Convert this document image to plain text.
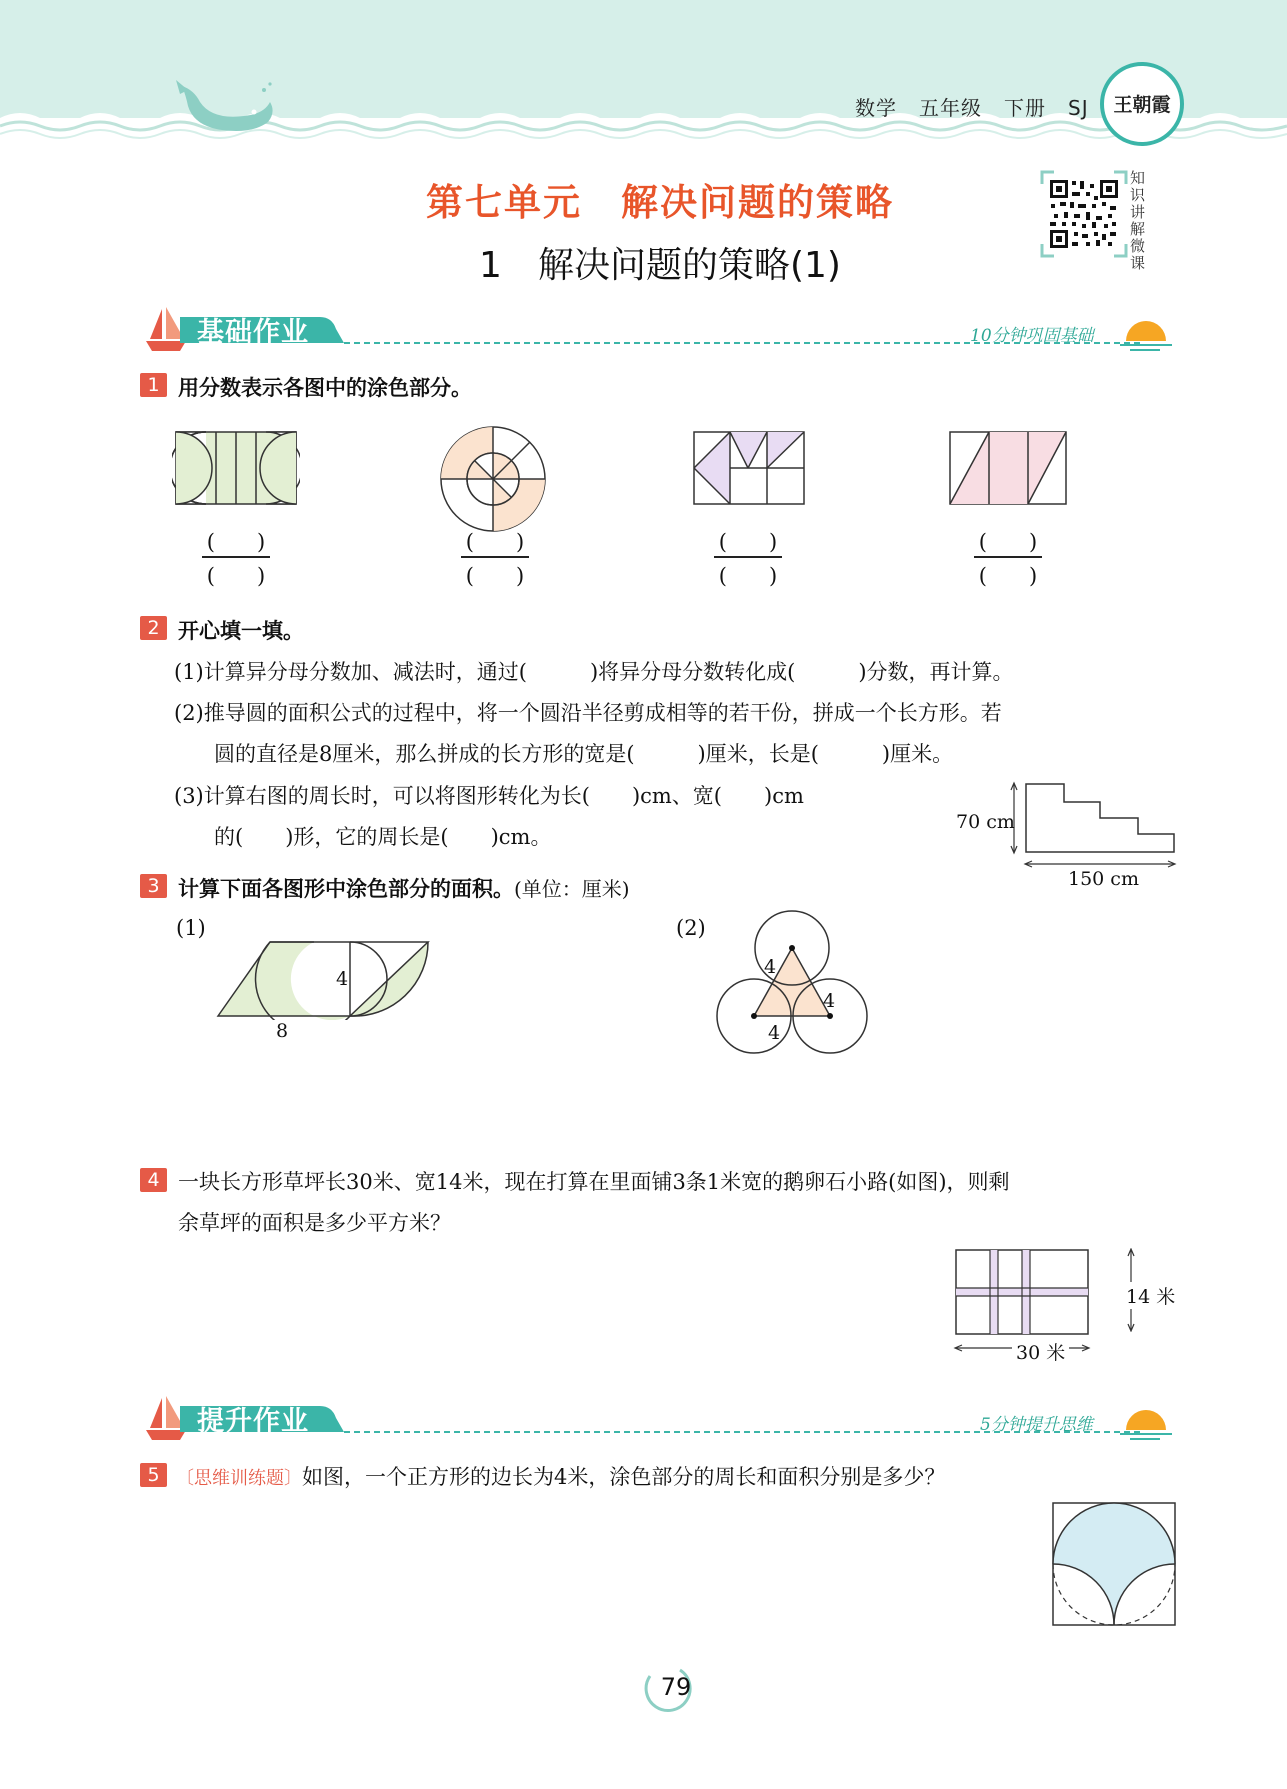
数学 五年级 下册 SJ	王朝霞
第七单元　解决问题的策略
1　解决问题的策略(1)
知识讲解微课
基础作业	10分钟巩固基础
1 用分数表示各图中的涂色部分。
(　　)
(　　)
(　　)
(　　)
(　　)
(　　)
(　　)
(　　)
2 开心填一填。
(1)计算异分母分数加、减法时，通过(　　　)将异分母分数转化成(　　　)分数，再计算。
(2)推导圆的面积公式的过程中，将一个圆沿半径剪成相等的若干份，拼成一个长方形。若
圆的直径是8厘米，那么拼成的长方形的宽是(　　　)厘米，长是(　　　)厘米。
(3)计算右图的周长时，可以将图形转化为长(　　)cm、宽(　　)cm
的(　　)形，它的周长是(　　)cm。
70 cm
150 cm
3 计算下面各图形中涂色部分的面积。(单位：厘米)
(1)	(2)
4
8
4
4
4
4 一块长方形草坪长30米、宽14米，现在打算在里面铺3条1米宽的鹅卵石小路(如图)，则剩
余草坪的面积是多少平方米？
14 米
30 米
提升作业	5分钟提升思维
5 〔思维训练题〕如图，一个正方形的边长为4米，涂色部分的周长和面积分别是多少？
79
